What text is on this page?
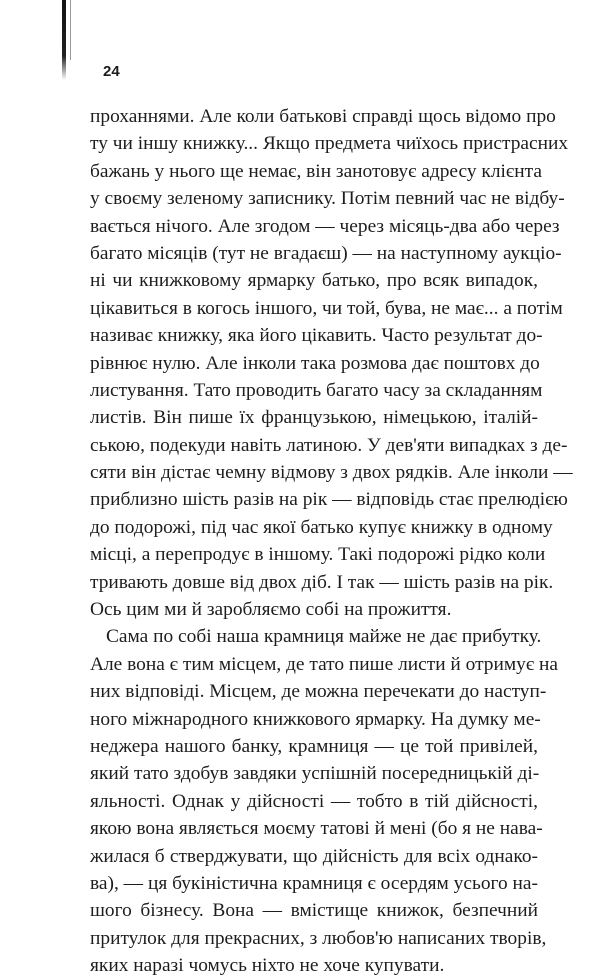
24
проханнями. Але коли батькові справді щось відомо про
ту чи іншу книжку... Якщо предмета чиїхось пристрасних
бажань у нього ще немає, він занотовує адресу клієнта
у своєму зеленому записнику. Потім певний час не відбу-
вається нічого. Але згодом — через місяць-два або через
багато місяців (тут не вгадаєш) — на наступному аукціо-
ні чи книжковому ярмарку батько, про всяк випадок,
цікавиться в когось іншого, чи той, бува, не має... а потім
називає книжку, яка його цікавить. Часто результат до-
рівнює нулю. Але інколи така розмова дає поштовх до
листування. Тато проводить багато часу за складанням
листів. Він пише їх французькою, німецькою, італій-
ською, подекуди навіть латиною. У дев'яти випадках з де-
сяти він дістає чемну відмову з двох рядків. Але інколи —
приблизно шість разів на рік — відповідь стає прелюдією
до подорожі, під час якої батько купує книжку в одному
місці, а перепродує в іншому. Такі подорожі рідко коли
тривають довше від двох діб. І так — шість разів на рік.
Ось цим ми й заробляємо собі на прожиття.
Сама по собі наша крамниця майже не дає прибутку.
Але вона є тим місцем, де тато пише листи й отримує на
них відповіді. Місцем, де можна перечекати до наступ-
ного міжнародного книжкового ярмарку. На думку ме-
неджера нашого банку, крамниця — це той привілей,
який тато здобув завдяки успішній посередницькій ді-
яльності. Однак у дійсності — тобто в тій дійсності,
якою вона являється моєму татові й мені (бо я не нава-
жилася б стверджувати, що дійсність для всіх однако-
ва), — ця букіністична крамниця є осердям усього на-
шого бізнесу. Вона — вмістище книжок, безпечний
притулок для прекрасних, з любов'ю написаних творів,
яких наразі чомусь ніхто не хоче купувати.
